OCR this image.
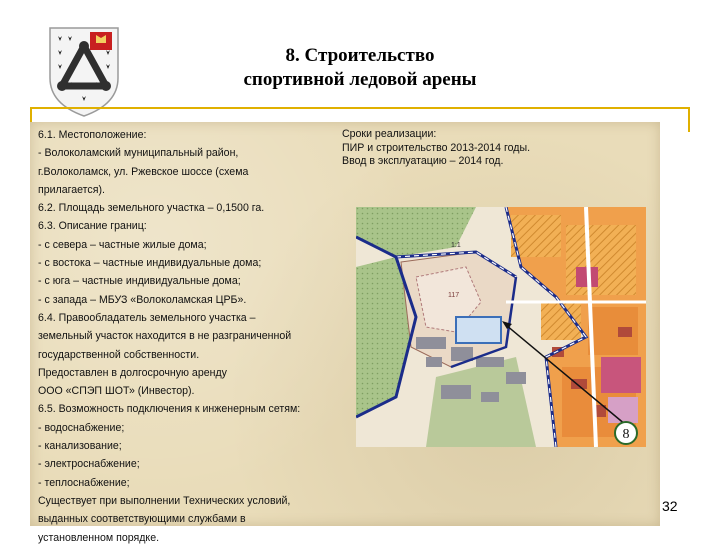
8. Строительство
спортивной ледовой арены
6.1. Местоположение:
- Волоколамский муниципальный район,
г.Волоколамск, ул. Ржевское шоссе (схема
прилагается).
6.2. Площадь земельного участка – 0,1500 га.
6.3. Описание границ:
- с севера – частные жилые дома;
- с востока – частные индивидуальные дома;
- с юга – частные индивидуальные дома;
- с запада – МБУЗ «Волоколамская ЦРБ».
6.4. Правообладатель земельного участка –
земельный участок находится в не разграниченной
государственной собственности.
Предоставлен в долгосрочную аренду
ООО «СПЭП ШОТ» (Инвестор).
6.5. Возможность подключения к инженерным сетям:
- водоснабжение;
- канализование;
- электроснабжение;
- теплоснабжение;
Существует при выполнении Технических условий,
выданных соответствующими службами в
установленном порядке.
Сроки реализации:
ПИР и строительство 2013-2014 годы.
Ввод в эксплуатацию – 2014 год.
117
1:1
8
32
